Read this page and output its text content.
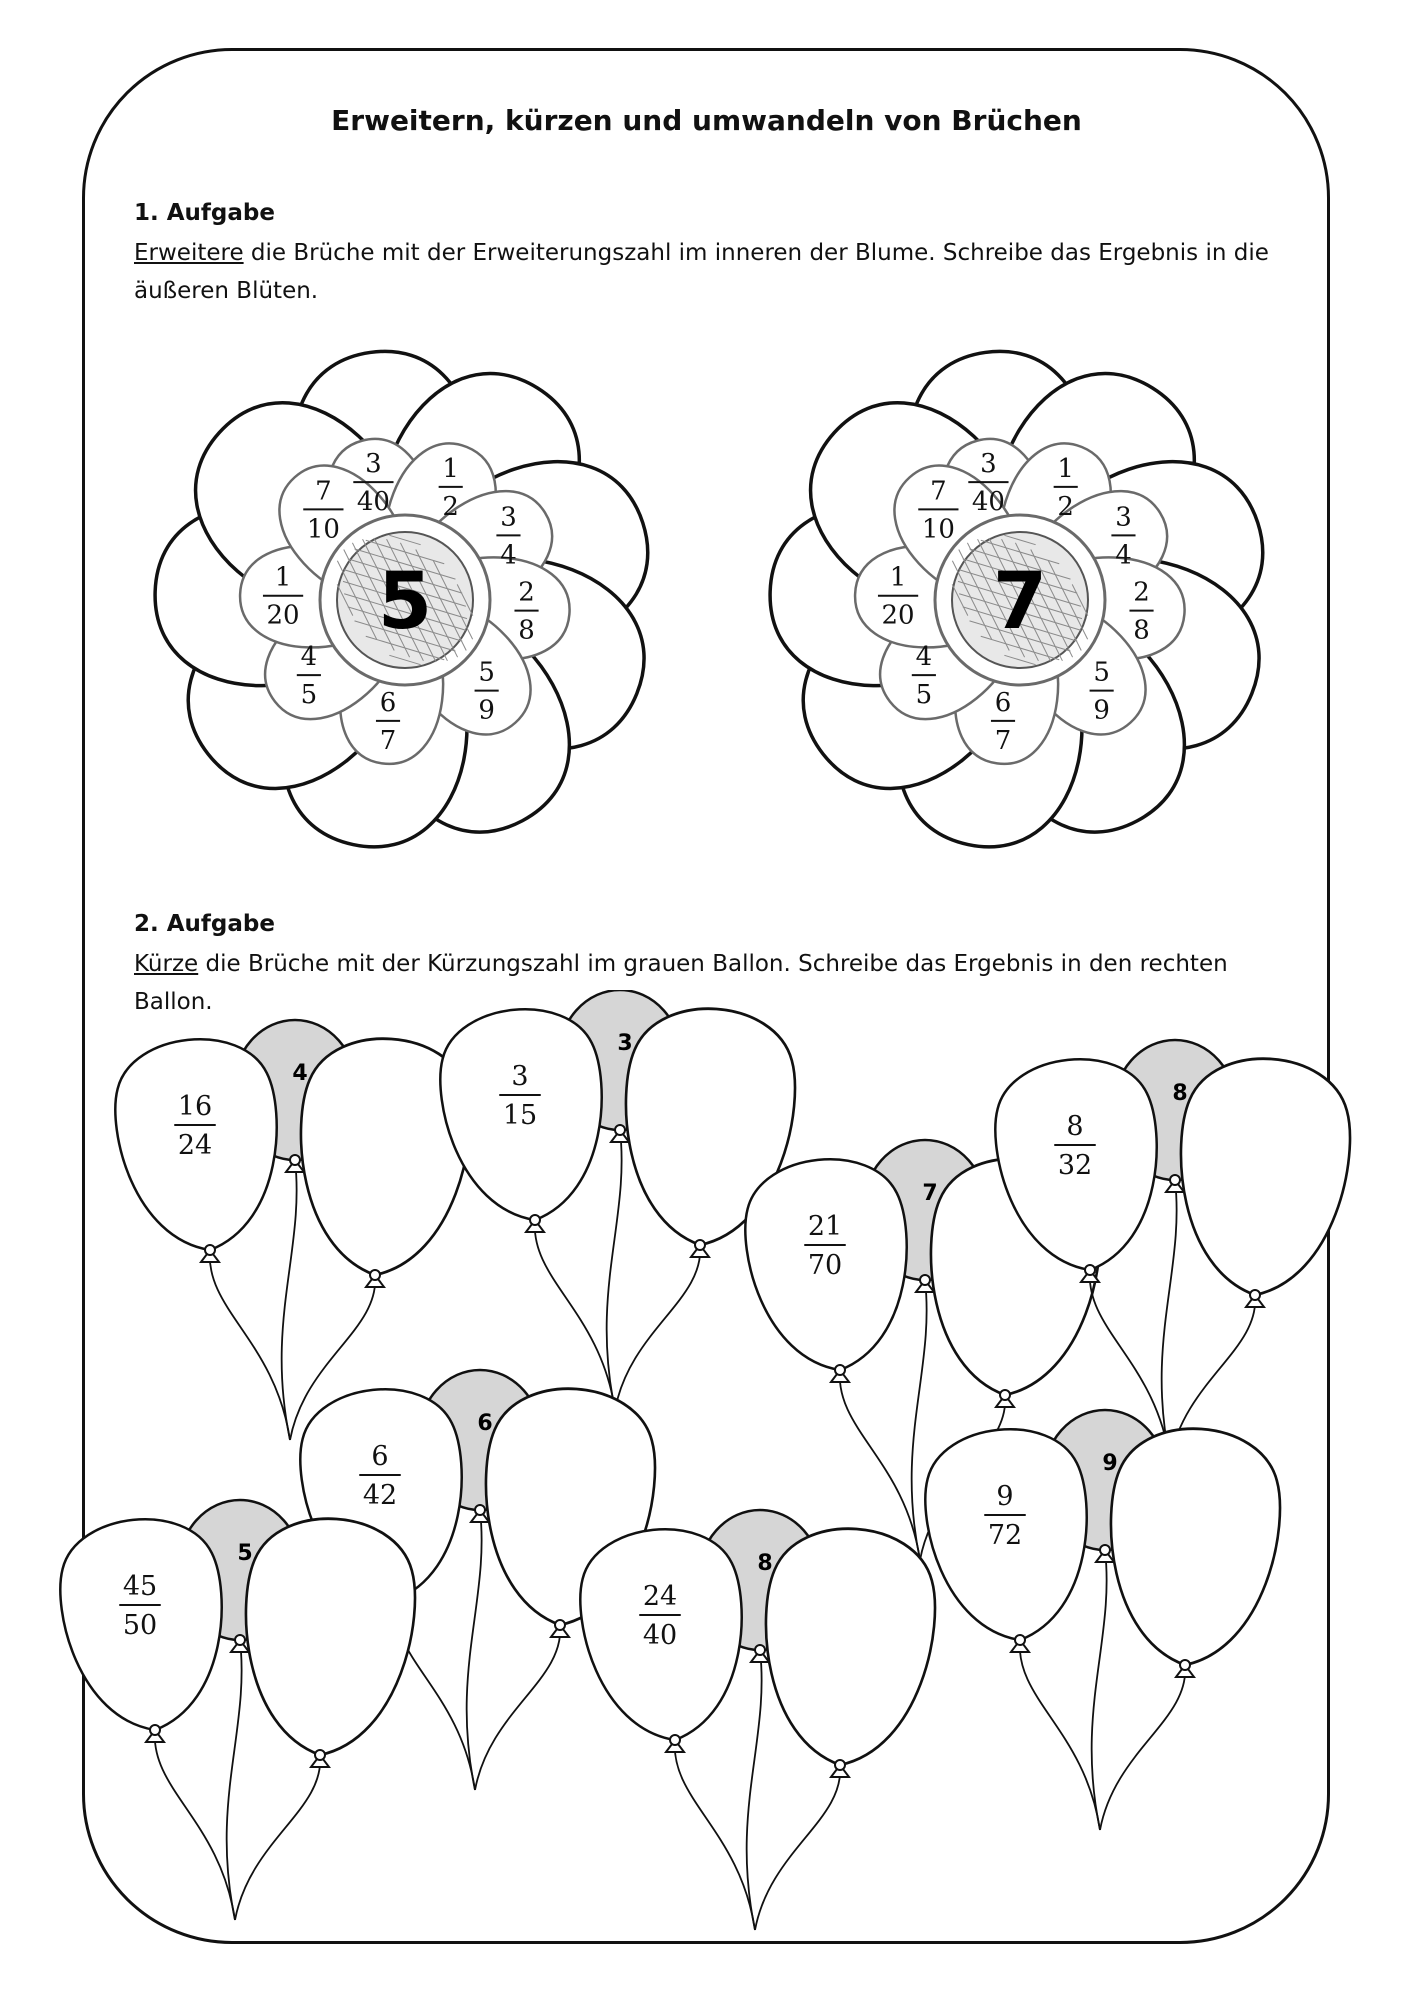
Erweitern, kürzen und umwandeln von Brüchen
1. Aufgabe

Erweitere die Brüche mit der Erweiterungszahl im inneren der Blume. Schreibe das Ergebnis in die äußeren Blüten.

5
3
40
1
2 3
4
2
8
5
9
6
7
4
5
1
20
7
10
7
3
40
1
2 3
4
2
8
5
9
6
7
4
5
1
20
7
10
2. Aufgabe

Kürze die Brüche mit der Kürzungszahl im grauen Ballon. Schreibe das Ergebnis in den rechten Ballon.

4
16
24
3
3
15
7
21
70
8
8
32
6
6
42
5
45
50
8
24
40
9
9
72
